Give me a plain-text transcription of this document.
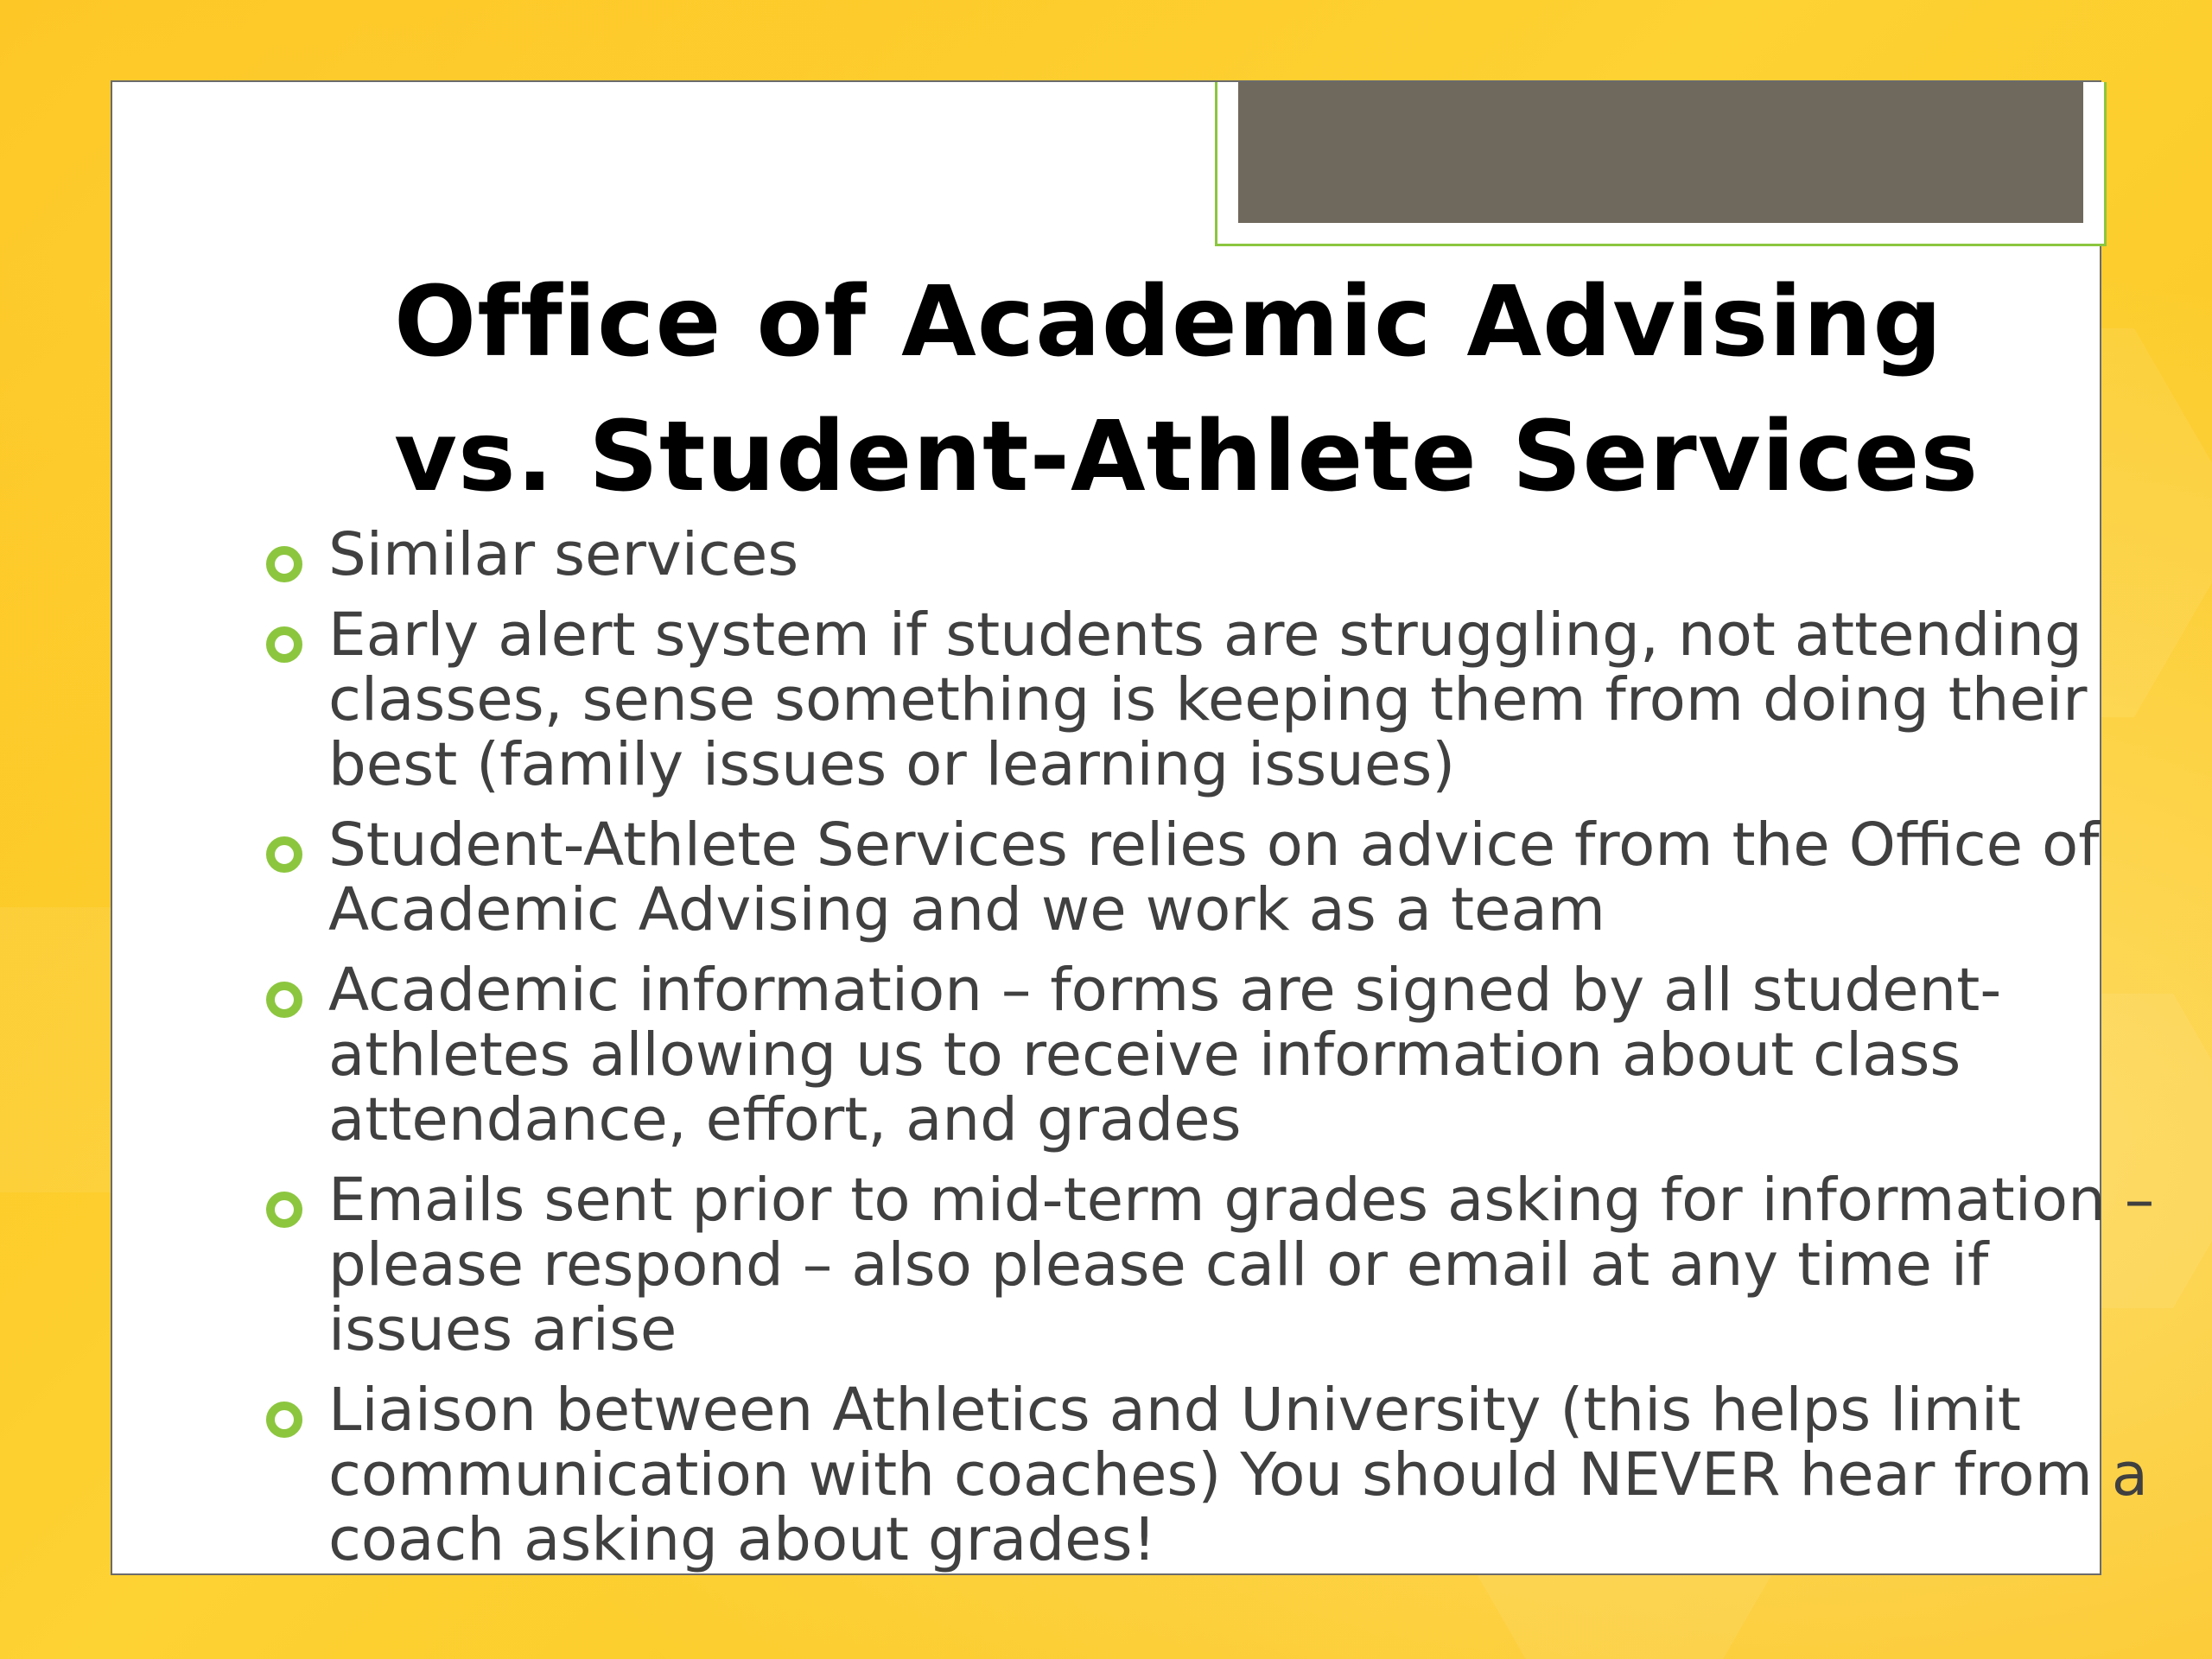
Office of Academic Advising
vs. Student-Athlete Services
Similar services
Early alert system if students are struggling, not attending classes, sense something is keeping them from doing their best (family issues or learning issues)
Student-Athlete Services relies on advice from the Office of Academic Advising and we work as a team
Academic information – forms are signed by all student-athletes allowing us to receive information about class attendance, effort, and grades
Emails sent prior to mid-term grades asking for information – please respond – also please call or email at any time if issues arise
Liaison between Athletics and University (this helps limit communication with coaches) You should NEVER hear from a coach asking about grades!
